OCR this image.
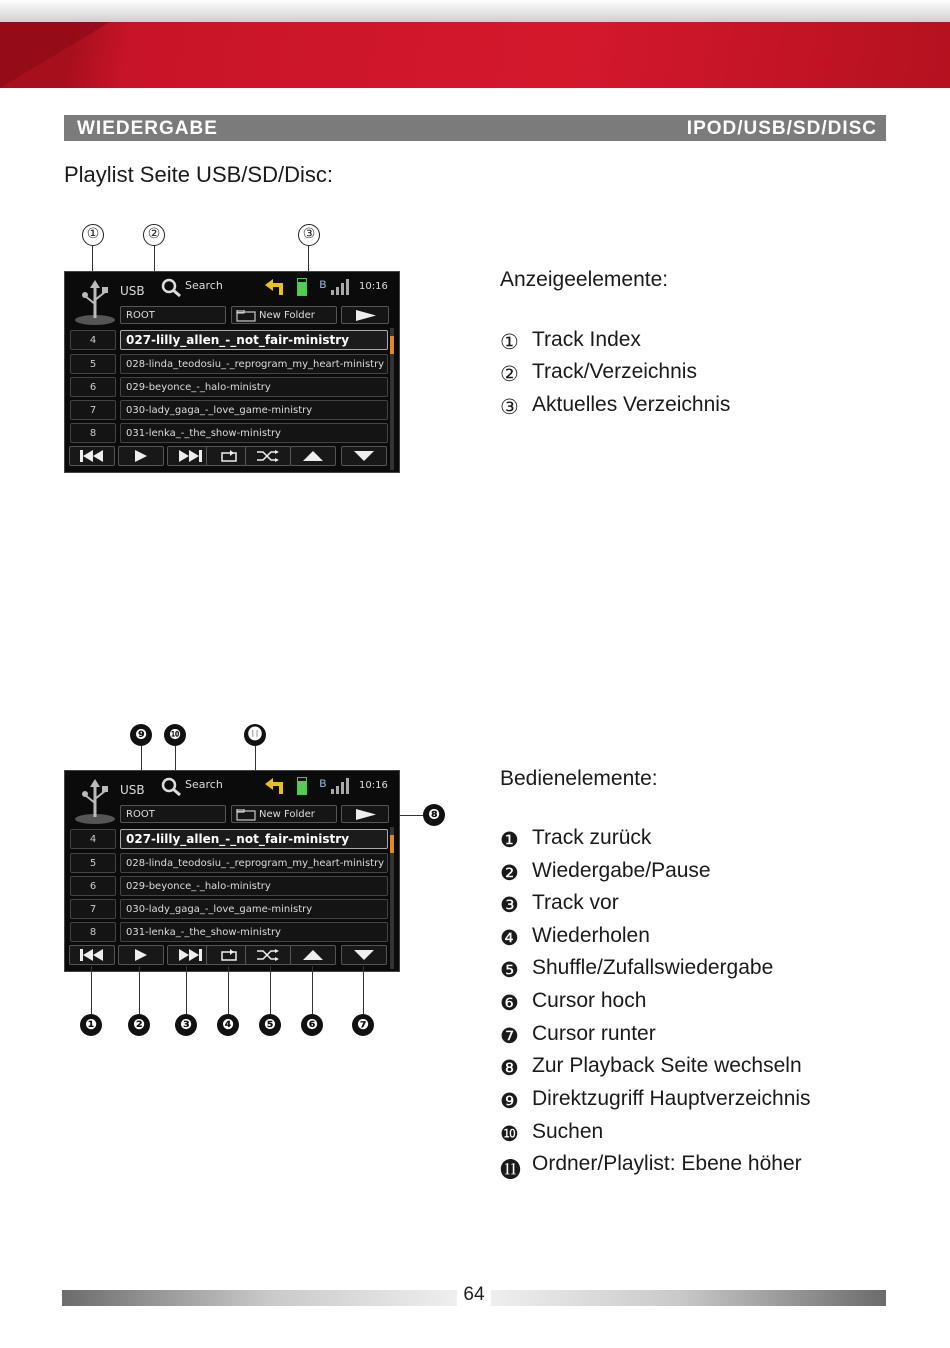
WIEDERGABE	IPOD/USB/SD/DISC
Playlist Seite USB/SD/Disc:
①	②	③
USB	Search	ʙ	10:16
ROOT	New Folder
4	027-lilly_allen_-_not_fair-ministry
5	028-linda_teodosiu_-_reprogram_my_heart-ministry
6	029-beyonce_-_halo-ministry
7	030-lady_gaga_-_love_game-ministry
8	031-lenka_-_the_show-ministry
Anzeigeelemente:
① Track Index
② Track/Verzeichnis
③ Aktuelles Verzeichnis
❾	❿	⓫
❽
USB	Search	ʙ	10:16
ROOT	New Folder
4	027-lilly_allen_-_not_fair-ministry
5	028-linda_teodosiu_-_reprogram_my_heart-ministry
6	029-beyonce_-_halo-ministry
7	030-lady_gaga_-_love_game-ministry
8	031-lenka_-_the_show-ministry
❶	❷	❸	❹	❺	❻	❼
Bedienelemente:
❶ Track zurück
❷ Wiedergabe/Pause
❸ Track vor
❹ Wiederholen
❺ Shuffle/Zufallswiedergabe
❻ Cursor hoch
❼ Cursor runter
❽ Zur Playback Seite wechseln
❾ Direktzugriff Hauptverzeichnis
❿ Suchen
⓫ Ordner/Playlist: Ebene höher
64
